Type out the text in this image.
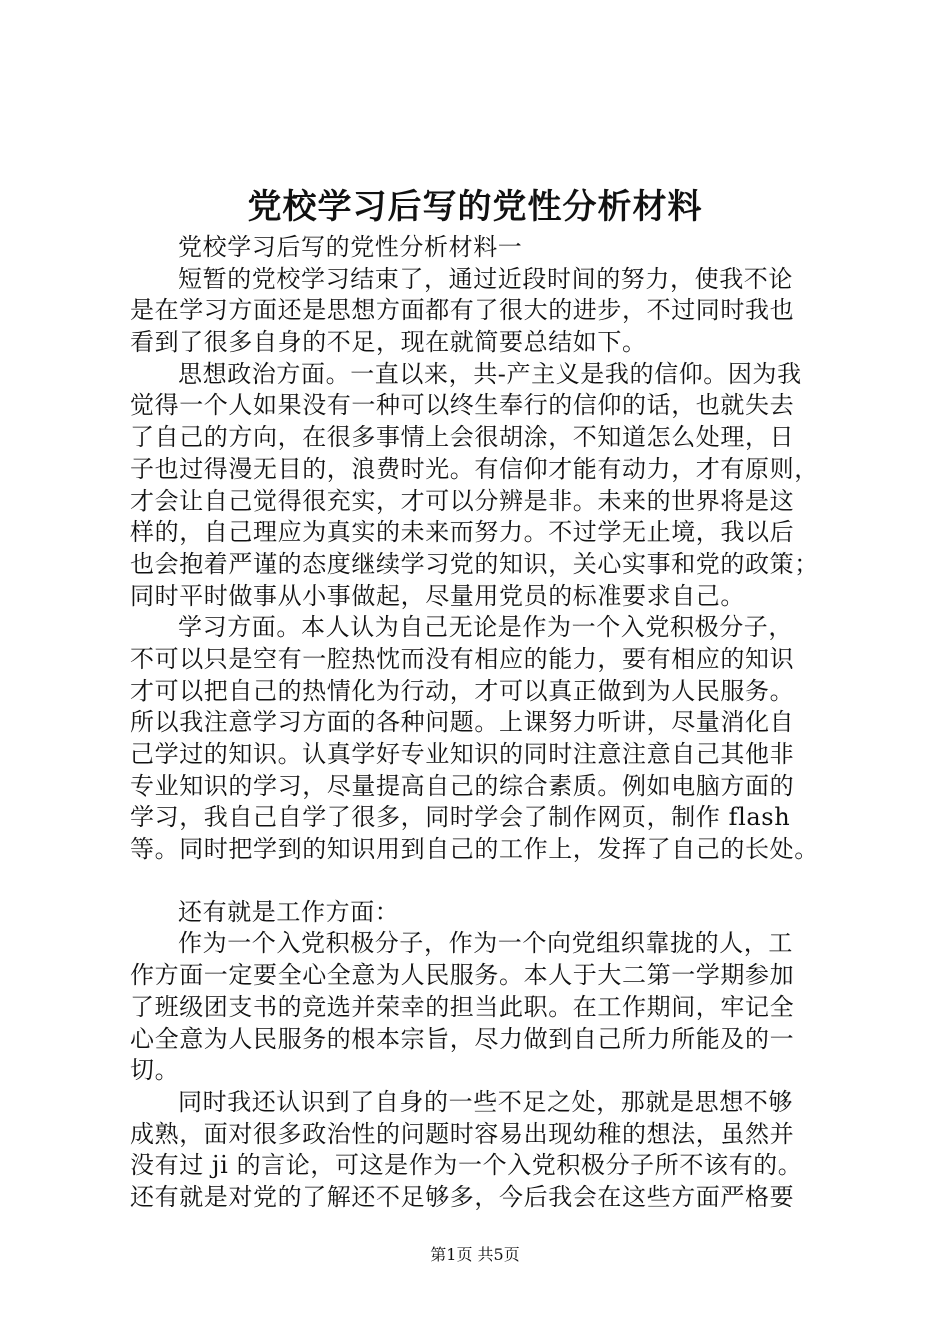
党校学习后写的党性分析材料
党校学习后写的党性分析材料一
短暂的党校学习结束了，通过近段时间的努力，使我不论
是在学习方面还是思想方面都有了很大的进步，不过同时我也
看到了很多自身的不足，现在就简要总结如下。
思想政治方面。一直以来，共-产主义是我的信仰。因为我
觉得一个人如果没有一种可以终生奉行的信仰的话，也就失去
了自己的方向，在很多事情上会很胡涂，不知道怎么处理，日
子也过得漫无目的，浪费时光。有信仰才能有动力，才有原则，
才会让自己觉得很充实，才可以分辨是非。未来的世界将是这
样的，自己理应为真实的未来而努力。不过学无止境，我以后
也会抱着严谨的态度继续学习党的知识，关心实事和党的政策；
同时平时做事从小事做起，尽量用党员的标准要求自己。
学习方面。本人认为自己无论是作为一个入党积极分子，
不可以只是空有一腔热忱而没有相应的能力，要有相应的知识
才可以把自己的热情化为行动，才可以真正做到为人民服务。
所以我注意学习方面的各种问题。上课努力听讲，尽量消化自
己学过的知识。认真学好专业知识的同时注意注意自己其他非
专业知识的学习，尽量提高自己的综合素质。例如电脑方面的
学习，我自己自学了很多，同时学会了制作网页，制作 flash
等。同时把学到的知识用到自己的工作上，发挥了自己的长处。
还有就是工作方面：
作为一个入党积极分子，作为一个向党组织靠拢的人，工
作方面一定要全心全意为人民服务。本人于大二第一学期参加
了班级团支书的竞选并荣幸的担当此职。在工作期间，牢记全
心全意为人民服务的根本宗旨，尽力做到自己所力所能及的一
切。
同时我还认识到了自身的一些不足之处，那就是思想不够
成熟，面对很多政治性的问题时容易出现幼稚的想法，虽然并
没有过 ji 的言论，可这是作为一个入党积极分子所不该有的。
还有就是对党的了解还不足够多，今后我会在这些方面严格要
第1页 共5页
